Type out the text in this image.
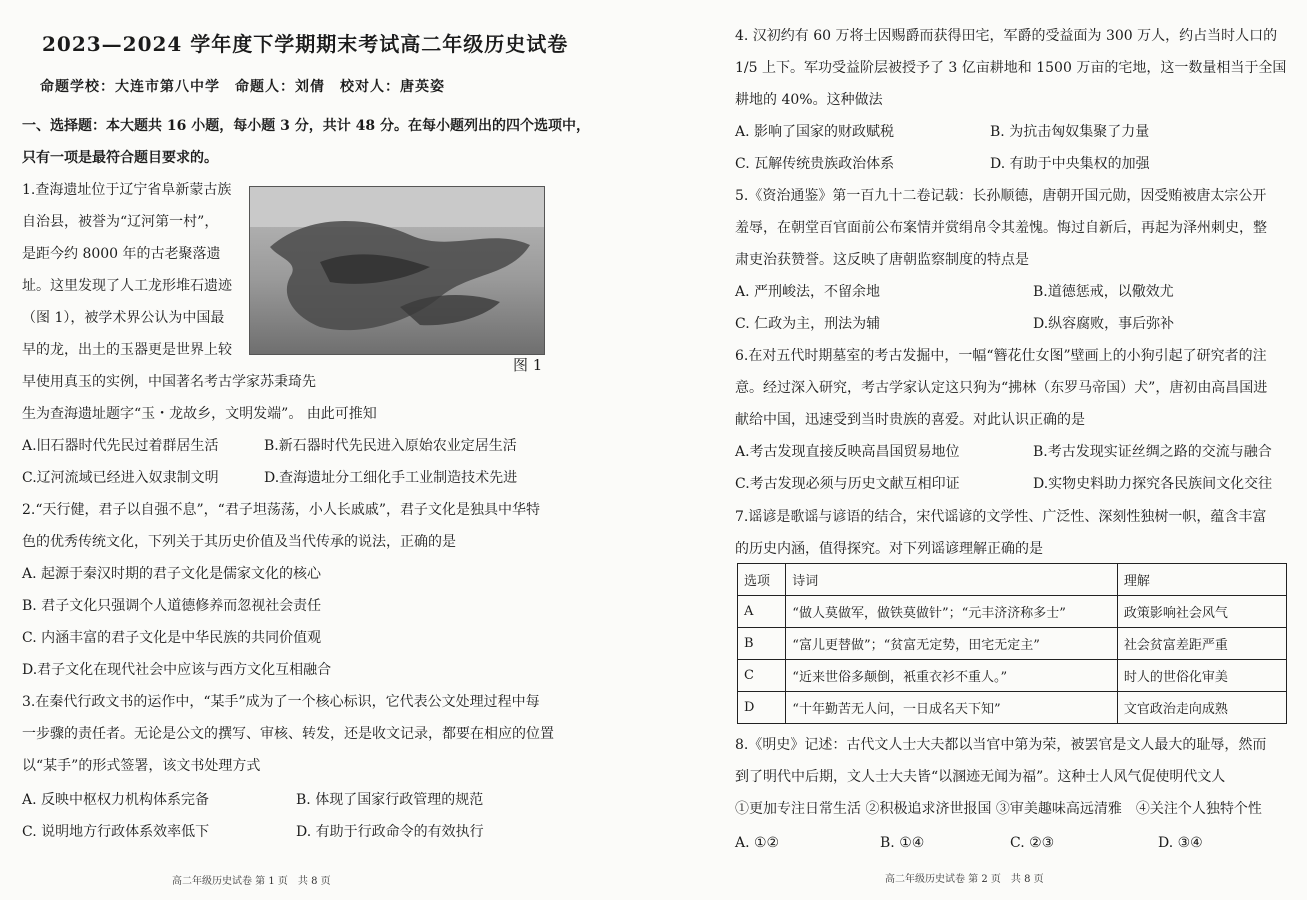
2023—2024 学年度下学期期末考试高二年级历史试卷
命题学校：大连市第八中学　命题人：刘倩　校对人：唐英姿
一、选择题：本大题共 16 小题，每小题 3 分，共计 48 分。在每小题列出的四个选项中，
只有一项是最符合题目要求的。
1.查海遗址位于辽宁省阜新蒙古族
自治县，被誉为“辽河第一村”，
是距今约 8000 年的古老聚落遗
址。这里发现了人工龙形堆石遗迹
（图 1），被学术界公认为中国最
早的龙，出土的玉器更是世界上较
早使用真玉的实例，中国著名考古学家苏秉琦先
生为查海遗址题字“玉・龙故乡，文明发端”。 由此可推知
图 1
A.旧石器时代先民过着群居生活	B.新石器时代先民进入原始农业定居生活
C.辽河流域已经进入奴隶制文明	D.查海遗址分工细化手工业制造技术先进
2.“天行健，君子以自强不息”，“君子坦荡荡，小人长戚戚”，君子文化是独具中华特
色的优秀传统文化，下列关于其历史价值及当代传承的说法，正确的是
A. 起源于秦汉时期的君子文化是儒家文化的核心
B. 君子文化只强调个人道德修养而忽视社会责任
C. 内涵丰富的君子文化是中华民族的共同价值观
D.君子文化在现代社会中应该与西方文化互相融合
3.在秦代行政文书的运作中，“某手”成为了一个核心标识，它代表公文处理过程中每
一步骤的责任者。无论是公文的撰写、审核、转发，还是收文记录，都要在相应的位置
以“某手”的形式签署，该文书处理方式
A. 反映中枢权力机构体系完备	B. 体现了国家行政管理的规范
C. 说明地方行政体系效率低下	D. 有助于行政命令的有效执行
高二年级历史试卷 第 1 页　共 8 页
4. 汉初约有 60 万将士因赐爵而获得田宅，军爵的受益面为 300 万人，约占当时人口的
1/5 上下。军功受益阶层被授予了 3 亿亩耕地和 1500 万亩的宅地，这一数量相当于全国
耕地的 40%。这种做法
A. 影响了国家的财政赋税	B. 为抗击匈奴集聚了力量
C. 瓦解传统贵族政治体系	D. 有助于中央集权的加强
5.《资治通鉴》第一百九十二卷记载：长孙顺德，唐朝开国元勋，因受贿被唐太宗公开
羞辱，在朝堂百官面前公布案情并赏绢帛令其羞愧。悔过自新后，再起为泽州刺史，整
肃吏治获赞誉。这反映了唐朝监察制度的特点是
A. 严刑峻法，不留余地	B.道德惩戒，以儆效尤
C. 仁政为主，刑法为辅	D.纵容腐败，事后弥补
6.在对五代时期墓室的考古发掘中，一幅“簪花仕女图”壁画上的小狗引起了研究者的注
意。经过深入研究，考古学家认定这只狗为“拂林（东罗马帝国）犬”，唐初由高昌国进
献给中国，迅速受到当时贵族的喜爱。对此认识正确的是
A.考古发现直接反映高昌国贸易地位	B.考古发现实证丝绸之路的交流与融合
C.考古发现必须与历史文献互相印证	D.实物史料助力探究各民族间文化交往
7.谣谚是歌谣与谚语的结合，宋代谣谚的文学性、广泛性、深刻性独树一帜，蕴含丰富
的历史内涵，值得探究。对下列谣谚理解正确的是
选项	诗词	理解
A	“做人莫做军，做铁莫做针”；“元丰济济称多士”	政策影响社会风气
B	“富儿更替做”；“贫富无定势，田宅无定主”	社会贫富差距严重
C	“近来世俗多颠倒，衹重衣衫不重人。”	时人的世俗化审美
D	“十年勤苦无人问，一日成名天下知”	文官政治走向成熟
8.《明史》记述：古代文人士大夫都以当官中第为荣，被罢官是文人最大的耻辱，然而
到了明代中后期，文人士大夫皆“以溷迹无闻为福”。这种士人风气促使明代文人
①更加专注日常生活 ②积极追求济世报国 ③审美趣味高远清雅　④关注个人独特个性
A. ①②	B. ①④	C. ②③	D. ③④
高二年级历史试卷 第 2 页　共 8 页
